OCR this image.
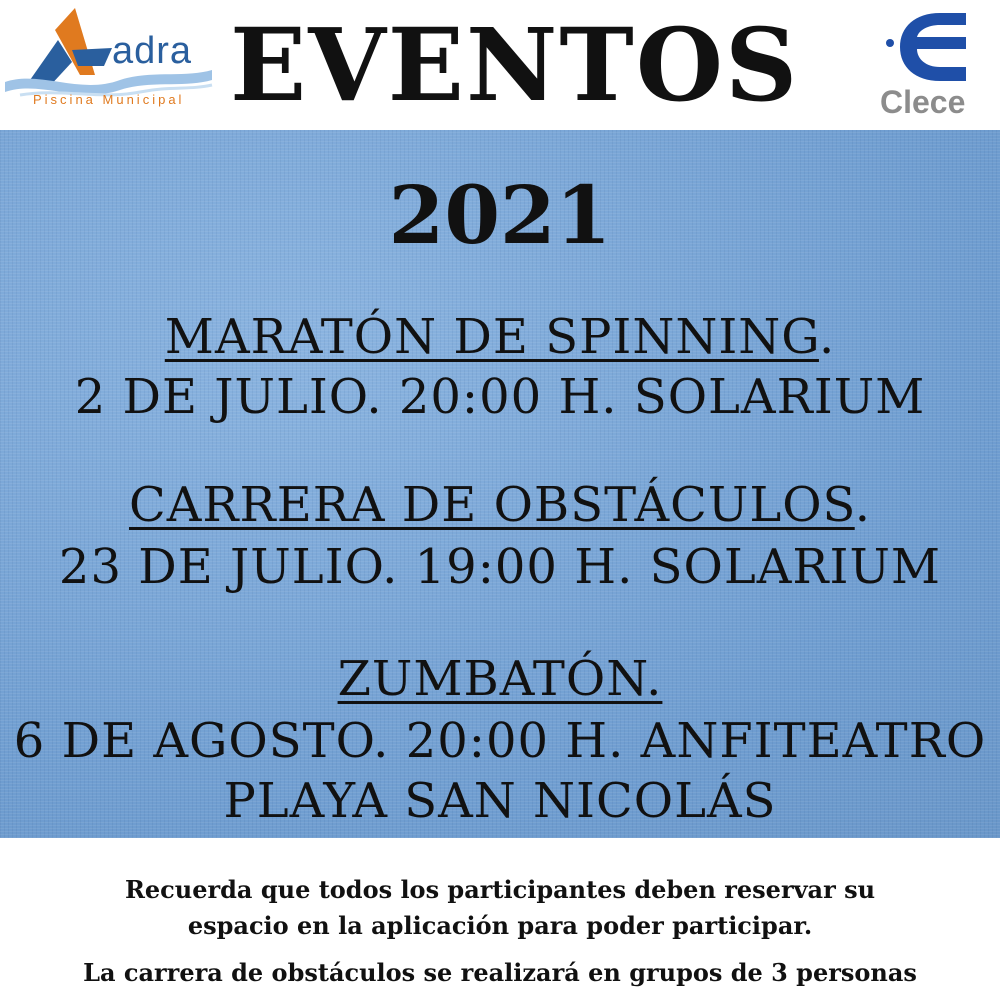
adra
Piscina Municipal EVENTOS	Clece
2021
MARATÓN DE SPINNING.
2 DE JULIO. 20:00 H. SOLARIUM
CARRERA DE OBSTÁCULOS.
23 DE JULIO. 19:00 H. SOLARIUM
ZUMBATÓN.
6 DE AGOSTO. 20:00 H. ANFITEATRO
PLAYA SAN NICOLÁS
Recuerda que todos los participantes deben reservar su
espacio en la aplicación para poder participar.
La carrera de obstáculos se realizará en grupos de 3 personas
